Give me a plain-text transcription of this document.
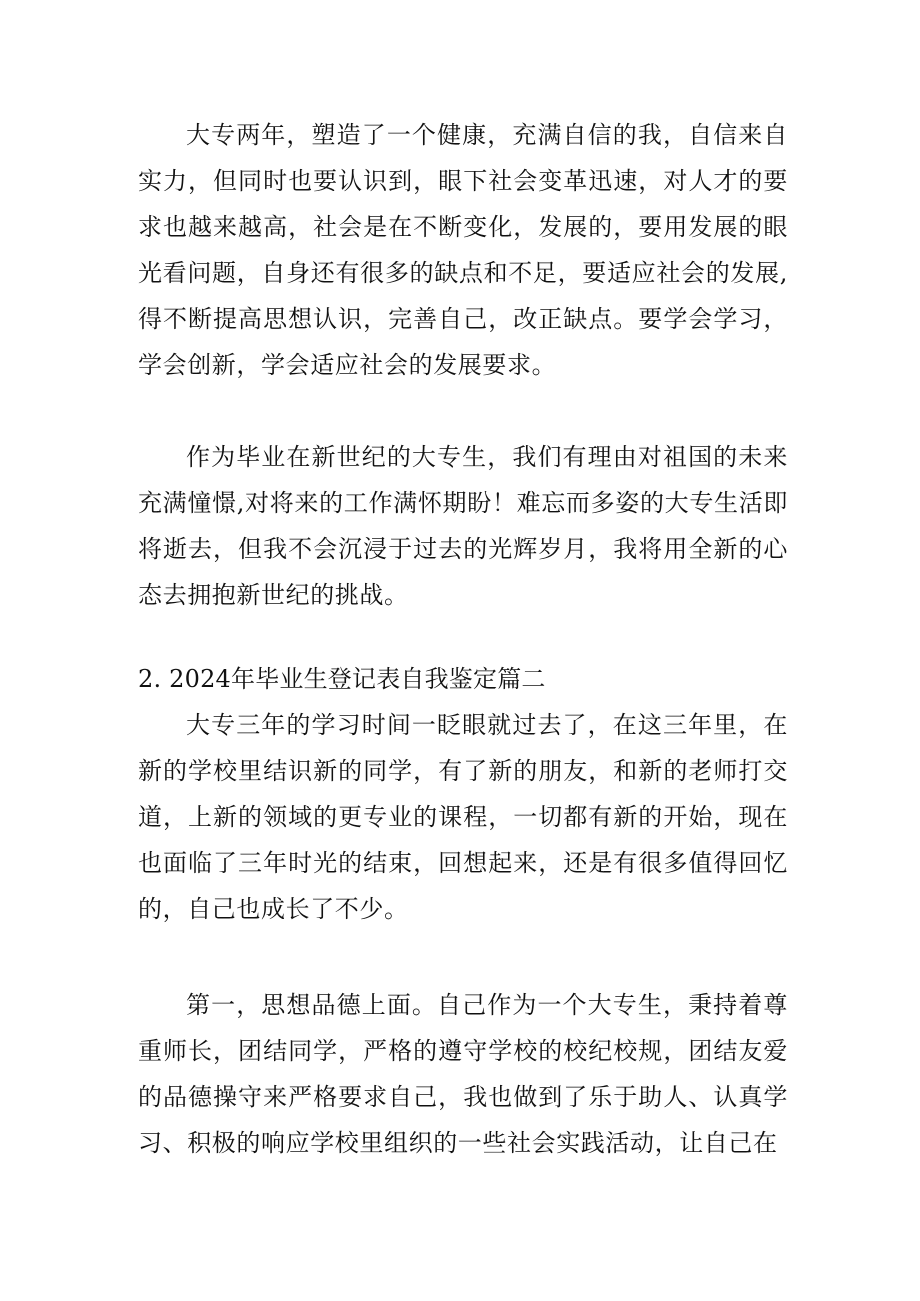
大专两年，塑造了一个健康，充满自信的我，自信来自实力，但同时也要认识到，眼下社会变革迅速，对人才的要求也越来越高，社会是在不断变化，发展的，要用发展的眼光看问题，自身还有很多的缺点和不足，要适应社会的发展,得不断提高思想认识，完善自己，改正缺点。要学会学习，学会创新，学会适应社会的发展要求。

作为毕业在新世纪的大专生，我们有理由对祖国的未来充满憧憬,对将来的工作满怀期盼！难忘而多姿的大专生活即将逝去，但我不会沉浸于过去的光辉岁月，我将用全新的心态去拥抱新世纪的挑战。

2. 2024年毕业生登记表自我鉴定篇二

大专三年的学习时间一眨眼就过去了，在这三年里，在新的学校里结识新的同学，有了新的朋友，和新的老师打交道，上新的领域的更专业的课程，一切都有新的开始，现在也面临了三年时光的结束，回想起来，还是有很多值得回忆的，自己也成长了不少。

第一，思想品德上面。自己作为一个大专生，秉持着尊重师长，团结同学，严格的遵守学校的校纪校规，团结友爱的品德操守来严格要求自己，我也做到了乐于助人、认真学习、积极的响应学校里组织的一些社会实践活动，让自己在
